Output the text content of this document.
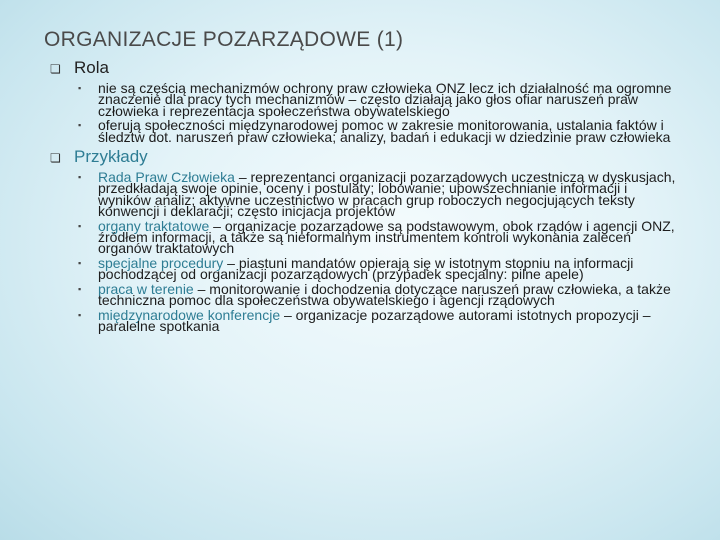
ORGANIZACJE POZARZĄDOWE (1)
❏ Rola
▪ nie są częścią mechanizmów ochrony praw człowieka ONZ lecz ich działalność ma ogromne znaczenie dla pracy tych mechanizmów – często działają jako głos ofiar naruszeń praw człowieka i reprezentacja społeczeństwa obywatelskiego
▪ oferują społeczności międzynarodowej pomoc w zakresie monitorowania, ustalania faktów i śledztw dot. naruszeń praw człowieka; analizy, badań i edukacji w dziedzinie praw człowieka
❏ Przykłady
▪ Rada Praw Człowieka – reprezentanci organizacji pozarządowych uczestniczą w dyskusjach, przedkładają swoje opinie, oceny i postulaty; lobowanie; upowszechnianie informacji i wyników analiz; aktywne uczestnictwo w pracach grup roboczych negocjujących teksty konwencji i deklaracji; często inicjacja projektów
▪ organy traktatowe – organizacje pozarządowe są podstawowym, obok rządów i agencji ONZ, źródłem informacji, a także są nieformalnym instrumentem kontroli wykonania zaleceń organów traktatowych
▪ specjalne procedury – piastuni mandatów opierają się w istotnym stopniu na informacji pochodzącej od organizacji pozarządowych (przypadek specjalny: pilne apele)
▪ praca w terenie – monitorowanie i dochodzenia dotyczące naruszeń praw człowieka, a także techniczna pomoc dla społeczeństwa obywatelskiego i agencji rządowych
▪ międzynarodowe konferencje – organizacje pozarządowe autorami istotnych propozycji – paralelne spotkania
